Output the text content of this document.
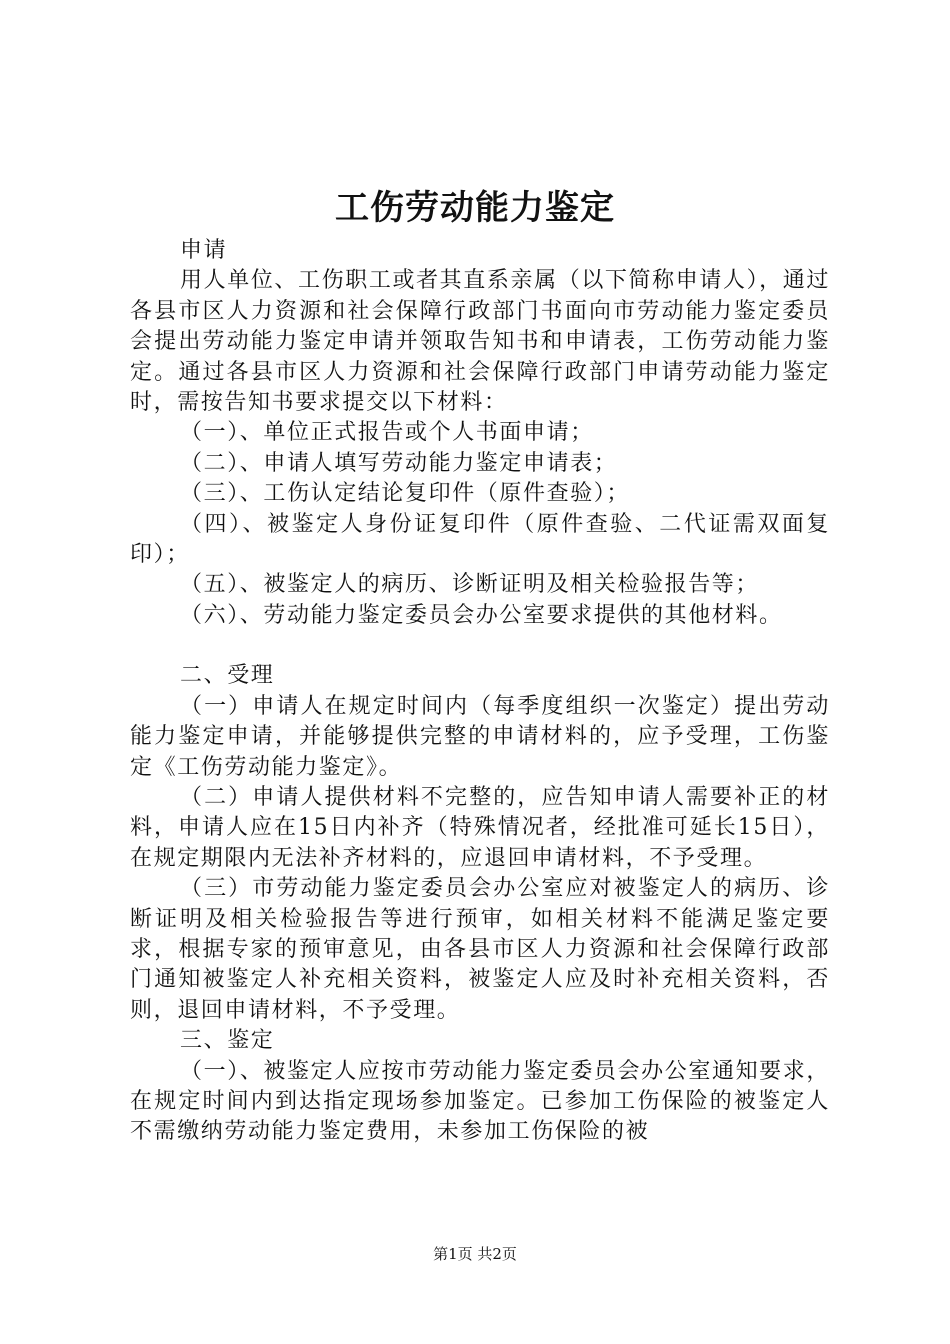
工伤劳动能力鉴定

申请

用人单位、工伤职工或者其直系亲属（以下简称申请人），通过各县市区人力资源和社会保障行政部门书面向市劳动能力鉴定委员会提出劳动能力鉴定申请并领取告知书和申请表，工伤劳动能力鉴定。通过各县市区人力资源和社会保障行政部门申请劳动能力鉴定时，需按告知书要求提交以下材料：

（一）、单位正式报告或个人书面申请；

（二）、申请人填写劳动能力鉴定申请表；

（三）、工伤认定结论复印件（原件查验）；

（四）、被鉴定人身份证复印件（原件查验、二代证需双面复印）；

（五）、被鉴定人的病历、诊断证明及相关检验报告等；

（六）、劳动能力鉴定委员会办公室要求提供的其他材料。

二、受理

（一）申请人在规定时间内（每季度组织一次鉴定）提出劳动能力鉴定申请，并能够提供完整的申请材料的，应予受理，工伤鉴定《工伤劳动能力鉴定》。

（二）申请人提供材料不完整的，应告知申请人需要补正的材料，申请人应在15日内补齐（特殊情况者，经批准可延长15日），在规定期限内无法补齐材料的，应退回申请材料，不予受理。

（三）市劳动能力鉴定委员会办公室应对被鉴定人的病历、诊断证明及相关检验报告等进行预审，如相关材料不能满足鉴定要求，根据专家的预审意见，由各县市区人力资源和社会保障行政部门通知被鉴定人补充相关资料，被鉴定人应及时补充相关资料，否则，退回申请材料，不予受理。

三、鉴定

（一）、被鉴定人应按市劳动能力鉴定委员会办公室通知要求，在规定时间内到达指定现场参加鉴定。已参加工伤保险的被鉴定人不需缴纳劳动能力鉴定费用，未参加工伤保险的被

第1页 共2页
